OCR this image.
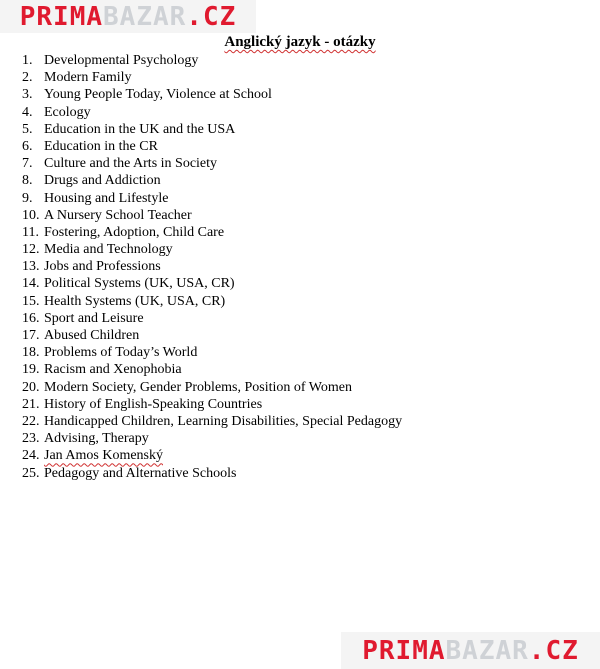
PRIMA BAZAR .CZ
Anglický jazyk - otázky
1. Developmental Psychology
2. Modern Family
3. Young People Today, Violence at School
4. Ecology
5. Education in the UK and the USA
6. Education in the CR
7. Culture and the Arts in Society
8. Drugs and Addiction
9. Housing and Lifestyle
10. A Nursery School Teacher
11. Fostering, Adoption, Child Care
12. Media and Technology
13. Jobs and Professions
14. Political Systems (UK, USA, CR)
15. Health Systems (UK, USA, CR)
16. Sport and Leisure
17. Abused Children
18. Problems of Today’s World
19. Racism and Xenophobia
20. Modern Society, Gender Problems, Position of Women
21. History of English-Speaking Countries
22. Handicapped Children, Learning Disabilities, Special Pedagogy
23. Advising, Therapy
24. Jan Amos Komenský
25. Pedagogy and Alternative Schools
PRIMA BAZAR .CZ
